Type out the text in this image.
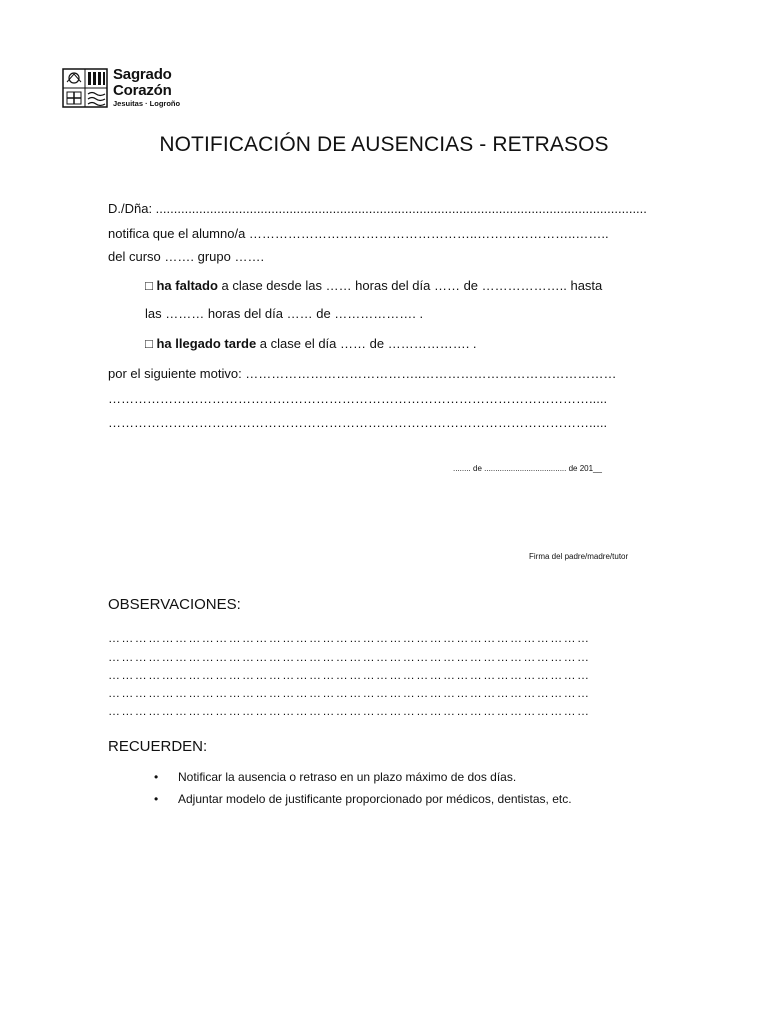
Sagrado
Corazón
Jesuitas · Logroño
NOTIFICACIÓN DE AUSENCIAS - RETRASOS
D./Dña: ........................................................................................................................................
notifica que el alumno/a ……………………………………………..…………………..……..
del curso ……. grupo …….
□ ha faltado a clase desde las …… horas del día …… de ……………….. hasta
las ……… horas del día …… de ………………. .
□ ha llegado tarde a clase el día …… de ………………. .
por el siguiente motivo: …………………………………..………………………………………
………………………………………………………………………………………………….....
………………………………………………………………………………………………….....
........ de ..................................... de 201__
Firma del padre/madre/tutor
OBSERVACIONES:
………………………………………………………………………………………………
………………………………………………………………………………………………
………………………………………………………………………………………………
………………………………………………………………………………………………
………………………………………………………………………………………………
RECUERDEN:
• Notificar la ausencia o retraso en un plazo máximo de dos días.
• Adjuntar modelo de justificante proporcionado por médicos, dentistas, etc.
